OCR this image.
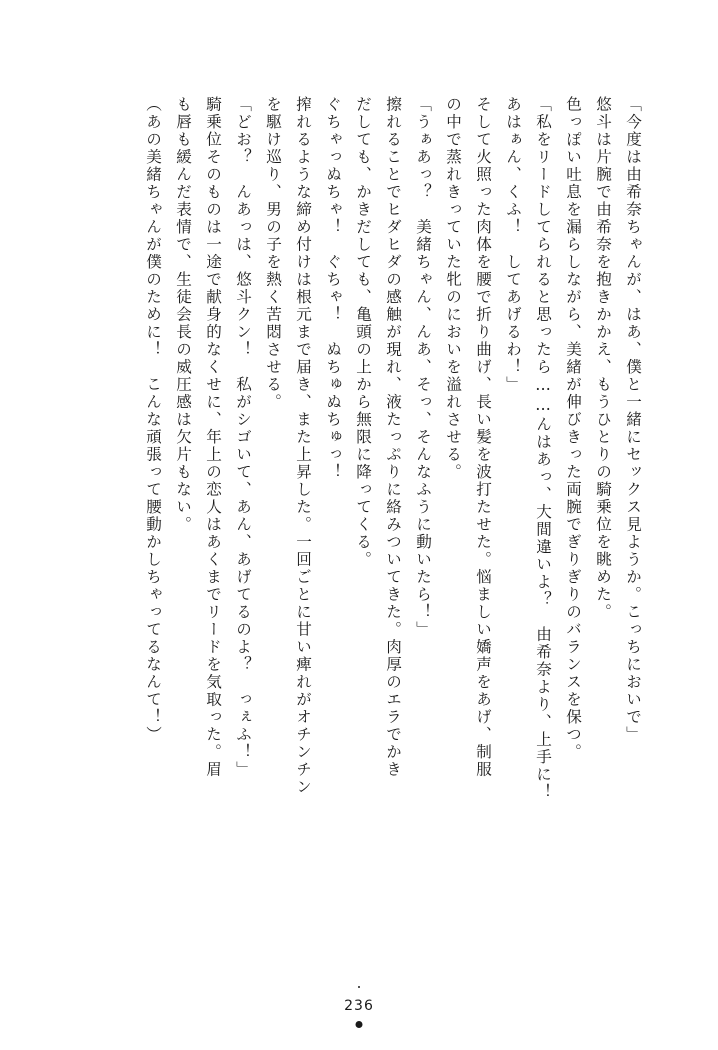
「今度は由希奈ちゃんが、はあ、僕と一緒にセックス見ようか。こっちにおいで」
悠斗は片腕で由希奈を抱きかかえ、もうひとりの騎乗位を眺めた。
色っぽい吐息を漏らしながら、美緒が伸びきった両腕でぎりぎりのバランスを保つ。
「私をリードしてられると思ったら……んはあっ、大間違いよ？　由希奈より、上手に！
あはぁん、くふ！　してあげるわ！」
そして火照った肉体を腰で折り曲げ、長い髪を波打たせた。悩ましい嬌声をあげ、制服
の中で蒸れきっていた牝のにおいを溢れさせる。
「うぁあっ？　美緒ちゃん、んあ、そっ、そんなふうに動いたら！」
擦れることでヒダヒダの感触が現れ、液たっぷりに絡みついてきた。肉厚のエラでかき
だしても、かきだしても、亀頭の上から無限に降ってくる。
ぐちゃっぬちゃ！　ぐちゃ！　ぬちゅぬちゅっ！
搾れるような締め付けは根元まで届き、また上昇した。一回ごとに甘い痺れがオチンチン
を駆け巡り、男の子を熱く苦悶させる。
「どお？　んあっは、悠斗クン！　私がシゴいて、あん、あげてるのよ？　っぇふ！」
騎乗位そのものは一途で献身的なくせに、年上の恋人はあくまでリードを気取った。眉
も唇も緩んだ表情で、生徒会長の威圧感は欠片もない。
（あの美緒ちゃんが僕のために！　こんな頑張って腰動かしちゃってるなんて！）
236
